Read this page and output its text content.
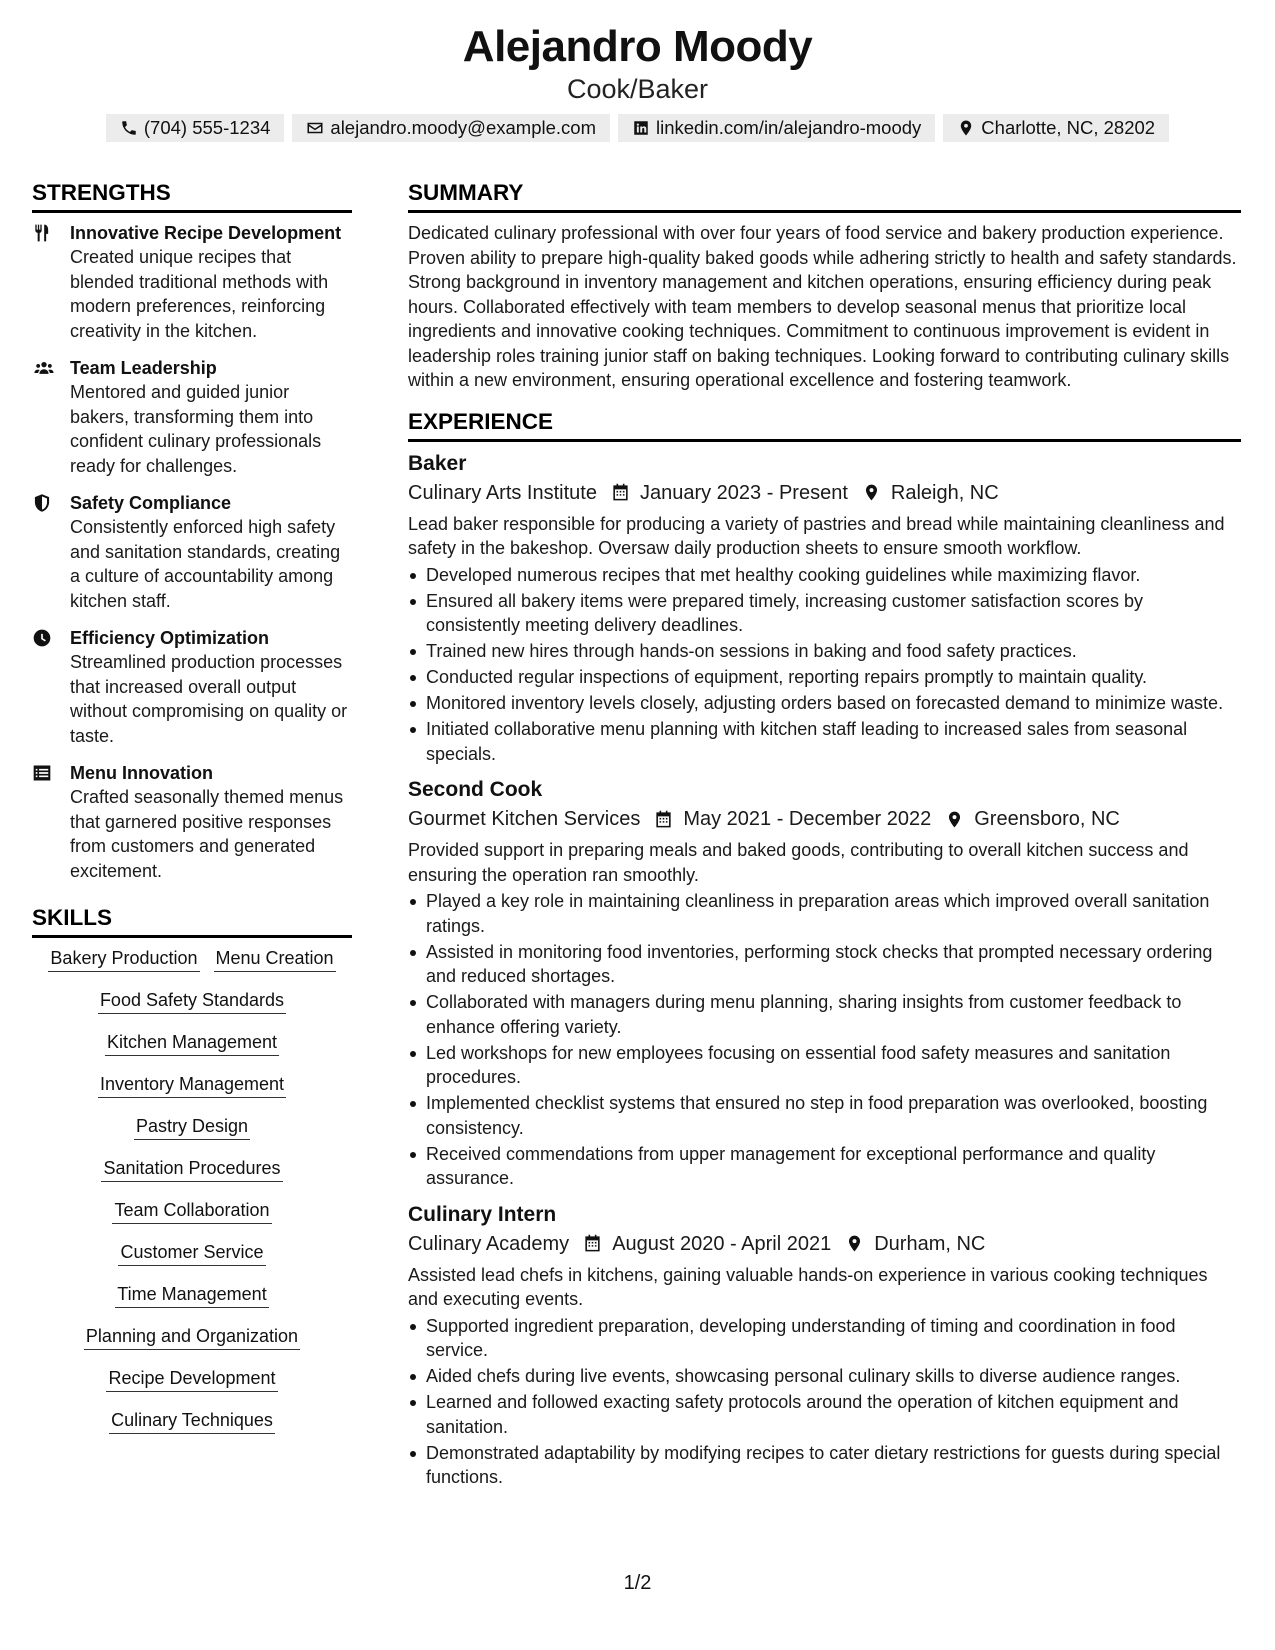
Alejandro Moody
Cook/Baker
(704) 555-1234	alejandro.moody@example.com	linkedin.com/in/alejandro-moody	Charlotte, NC, 28202
STRENGTHS
Innovative Recipe Development
Created unique recipes that blended traditional methods with modern preferences, reinforcing creativity in the kitchen.
Team Leadership
Mentored and guided junior bakers, transforming them into confident culinary professionals ready for challenges.
Safety Compliance
Consistently enforced high safety and sanitation standards, creating a culture of accountability among kitchen staff.
Efficiency Optimization
Streamlined production processes that increased overall output without compromising on quality or taste.
Menu Innovation
Crafted seasonally themed menus that garnered positive responses from customers and generated excitement.
SKILLS
Bakery Production Menu Creation
Food Safety Standards
Kitchen Management
Inventory Management
Pastry Design
Sanitation Procedures
Team Collaboration
Customer Service
Time Management
Planning and Organization
Recipe Development
Culinary Techniques
SUMMARY

Dedicated culinary professional with over four years of food service and bakery production experience. Proven ability to prepare high-quality baked goods while adhering strictly to health and safety standards. Strong background in inventory management and kitchen operations, ensuring efficiency during peak hours. Collaborated effectively with team members to develop seasonal menus that prioritize local ingredients and innovative cooking techniques. Commitment to continuous improvement is evident in leadership roles training junior staff on baking techniques. Looking forward to contributing culinary skills within a new environment, ensuring operational excellence and fostering teamwork.

EXPERIENCE
Baker
Culinary Arts Institute January 2023 - Present Raleigh, NC
Lead baker responsible for producing a variety of pastries and bread while maintaining cleanliness and safety in the bakeshop. Oversaw daily production sheets to ensure smooth workflow.
Developed numerous recipes that met healthy cooking guidelines while maximizing flavor.
Ensured all bakery items were prepared timely, increasing customer satisfaction scores by consistently meeting delivery deadlines.
Trained new hires through hands-on sessions in baking and food safety practices.
Conducted regular inspections of equipment, reporting repairs promptly to maintain quality.
Monitored inventory levels closely, adjusting orders based on forecasted demand to minimize waste.
Initiated collaborative menu planning with kitchen staff leading to increased sales from seasonal specials.
Second Cook
Gourmet Kitchen Services May 2021 - December 2022 Greensboro, NC
Provided support in preparing meals and baked goods, contributing to overall kitchen success and ensuring the operation ran smoothly.
Played a key role in maintaining cleanliness in preparation areas which improved overall sanitation ratings.
Assisted in monitoring food inventories, performing stock checks that prompted necessary ordering and reduced shortages.
Collaborated with managers during menu planning, sharing insights from customer feedback to enhance offering variety.
Led workshops for new employees focusing on essential food safety measures and sanitation procedures.
Implemented checklist systems that ensured no step in food preparation was overlooked, boosting consistency.
Received commendations from upper management for exceptional performance and quality assurance.
Culinary Intern
Culinary Academy August 2020 - April 2021 Durham, NC
Assisted lead chefs in kitchens, gaining valuable hands-on experience in various cooking techniques and executing events.
Supported ingredient preparation, developing understanding of timing and coordination in food service.
Aided chefs during live events, showcasing personal culinary skills to diverse audience ranges.
Learned and followed exacting safety protocols around the operation of kitchen equipment and sanitation.
Demonstrated adaptability by modifying recipes to cater dietary restrictions for guests during special functions.
1/2
